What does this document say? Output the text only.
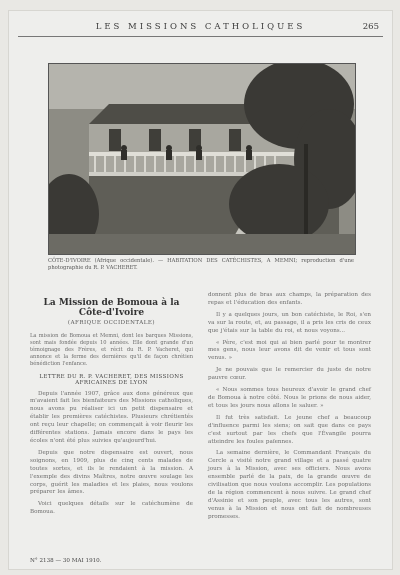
LES MISSIONS CATHOLIQUES	265
CÔTE-D'IVOIRE (Afrique occidentale). — HABITATION DES CATÉCHISTES, A MEMNI; reproduction d'une photographie du R. P. VACHERET.
La Mission de Bomoua à la Côte-d'Ivoire
(AFRIQUE OCCIDENTALE)

La mission de Bomoua et Memni, dont les barques Missions, sont mais fondée depuis 10 années. Elle dont grande d'un témoignage des Frères, et récit du R. P. Vacheret, qui annonce et la ferme des dernières qu'il de façon chrétien bénédiction l'enfance.

LETTRE DU R. P. VACHERET, DES MISSIONS AFRICAINES DE LYON

Depuis l'année 1907, grâce aux dons généreux que m'avaient fait les bienfaiteurs des Missions catholiques, nous avons pu réaliser ici un petit dispensaire et établir les premières catéchistes. Plusieurs chrétientés ont reçu leur chapelle; on commençait à voir fleurir les différentes stations. Jamais encore dans le pays les écoles n'ont été plus suivies qu'aujourd'hui.

Depuis que notre dispensaire est ouvert, nous soignons, en 1909, plus de cinq cents malades de toutes sortes, et ils le rendaient à la mission. A l'exemple des divins Maîtres, notre œuvre soulage les corps, guérit les maladies et les plaies, nous voulons préparer les âmes.

Voici quelques détails sur le catéchumène de Bomoua.

donnent plus de bras aux champs, la préparation des repas et l'éducation des enfants.

Il y a quelques jours, un bon catéchiste, le Roi, s'en va sur la route, et, au passage, il a pris les cris de ceux que j'étais sur la table du roi, et nous voyons...

« Père, c'est moi qui ai bien parlé pour te montrer mes gens, nous leur avons dit de venir et tous sont venus. »

Je ne pouvais que le remercier du juste de notre pauvre cœur.

« Nous sommes tous heureux d'avoir le grand chef de Bomoua à notre côté. Nous le prions de nous aider, et tous les jours nous allons le saluer. »

Il fut très satisfait. Le jeune chef a beaucoup d'influence parmi les siens; on sait que dans ce pays c'est surtout par les chefs que l'Évangile pourra atteindre les foules païennes.

La semaine dernière, le Commandant Français du Cercle a visité notre grand village et a passé quatre jours à la Mission, avec ses officiers. Nous avons ensemble parlé de la paix, de la grande œuvre de civilisation que nous voulons accomplir. Les populations de la région commencent à nous suivre. Le grand chef d'Assinie et son peuple, avec tous les autres, sont venus à la Mission et nous ont fait de nombreuses promesses.

N° 2138 — 30 MAI 1910.
